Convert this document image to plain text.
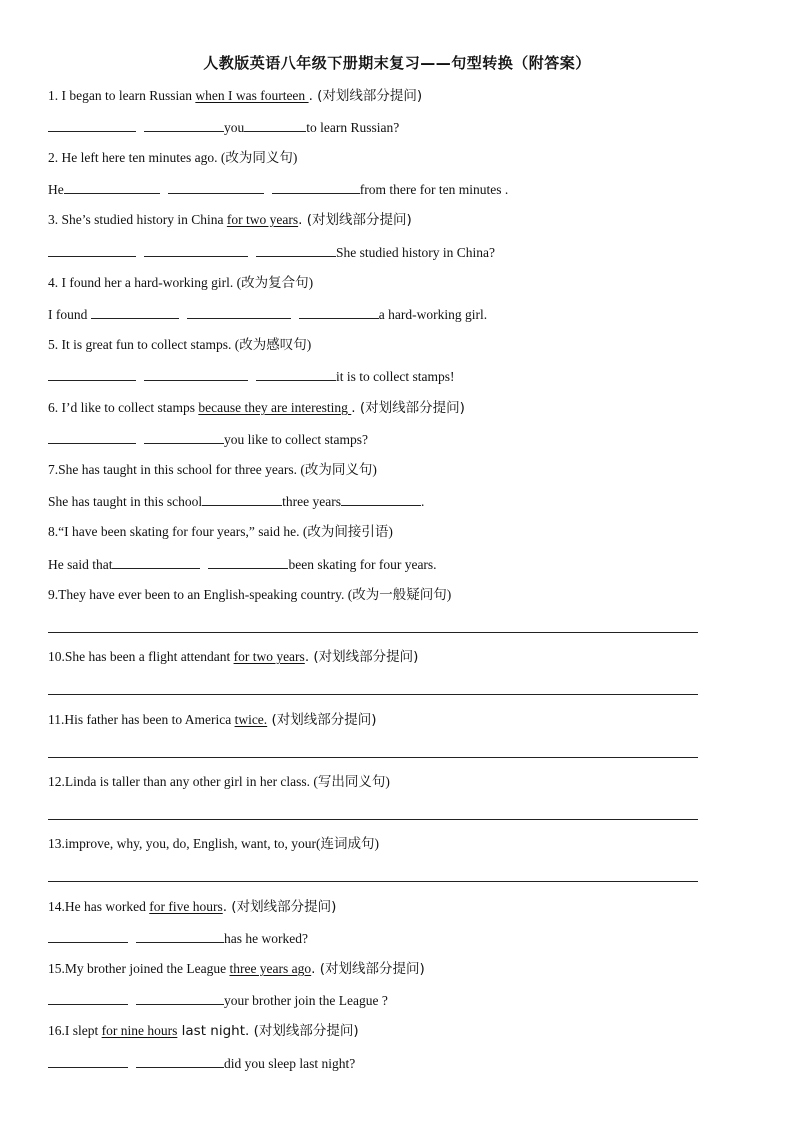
人教版英语八年级下册期末复习——句型转换（附答案）
1. I began to learn Russian when I was fourteen . (对划线部分提问)
you	to learn Russian?
2. He left here ten minutes ago. (改为同义句)
He	from there for ten minutes .
3. She’s studied history in China for two years. (对划线部分提问)
She studied history in China?
4. I found her a hard-working girl. (改为复合句)
I found	a hard-working girl.
5. It is great fun to collect stamps. (改为感叹句)
it is to collect stamps!
6. I’d like to collect stamps because they are interesting . (对划线部分提问)
you like to collect stamps?
7.She has taught in this school for three years. (改为同义句)
She has taught in this school	three years	.
8.“I have been skating for four years,” said he. (改为间接引语)
He said that	been skating for four years.
9.They have ever been to an English-speaking country. (改为一般疑问句)
10.She has been a flight attendant for two years. (对划线部分提问)
11.His father has been to America twice. (对划线部分提问)
12.Linda is taller than any other girl in her class. (写出同义句)
13.improve, why, you, do, English, want, to, your(连词成句)
14.He has worked for five hours. (对划线部分提问)
has he worked?
15.My brother joined the League three years ago. (对划线部分提问)
your brother join the League ?
16.I slept for nine hours last night. (对划线部分提问)
did you sleep last night?
